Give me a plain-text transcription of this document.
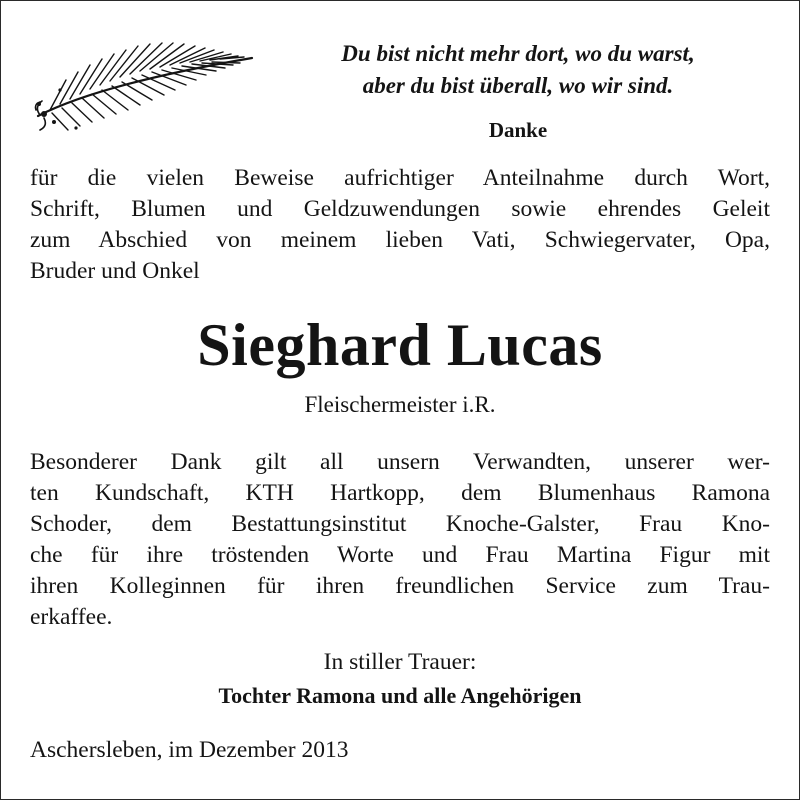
Du bist nicht mehr dort, wo du warst,
aber du bist überall, wo wir sind.
Danke
für die vielen Beweise aufrichtiger Anteilnahme durch Wort,
Schrift, Blumen und Geldzuwendungen sowie ehrendes Geleit
zum Abschied von meinem lieben Vati, Schwiegervater, Opa,
Bruder und Onkel
Sieghard Lucas
Fleischermeister i.R.
Besonderer Dank gilt all unsern Verwandten, unserer wer-
ten Kundschaft, KTH Hartkopp, dem Blumenhaus Ramona
Schoder, dem Bestattungsinstitut Knoche-Galster, Frau Kno-
che für ihre tröstenden Worte und Frau Martina Figur mit
ihren Kolleginnen für ihren freundlichen Service zum Trau-
erkaffee.
In stiller Trauer:
Tochter Ramona und alle Angehörigen
Aschersleben, im Dezember 2013
